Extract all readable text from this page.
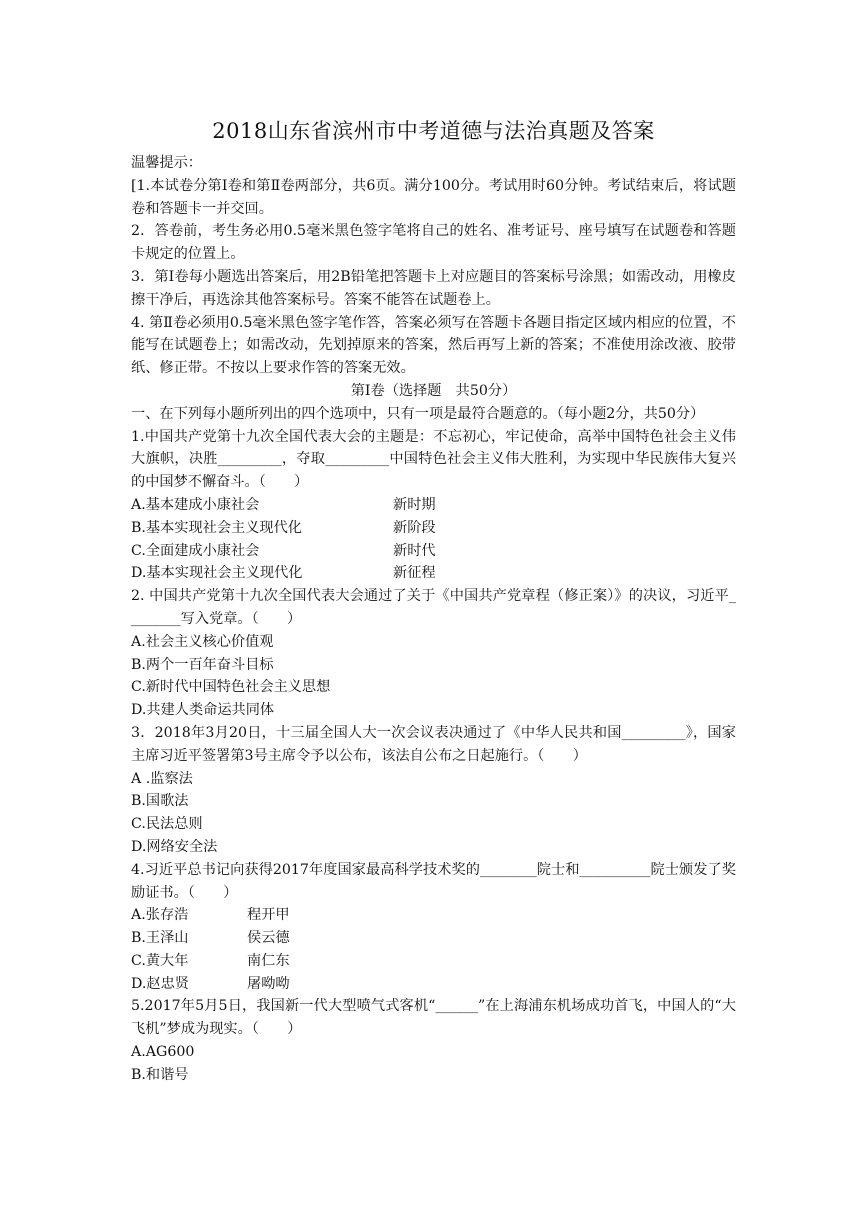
2018山东省滨州市中考道德与法治真题及答案

温馨提示：

[1.本试卷分第Ⅰ卷和第Ⅱ卷两部分，共6页。满分100分。考试用时60分钟。考试结束后，将试题卷和答题卡一并交回。

2．答卷前，考生务必用0.5毫米黑色签字笔将自己的姓名、准考证号、座号填写在试题卷和答题卡规定的位置上。

3．第Ⅰ卷每小题选出答案后，用2B铅笔把答题卡上对应题目的答案标号涂黑；如需改动，用橡皮擦干净后，再选涂其他答案标号。答案不能答在试题卷上。

4. 第Ⅱ卷必须用0.5毫米黑色签字笔作答，答案必须写在答题卡各题目指定区域内相应的位置，不能写在试题卷上；如需改动，先划掉原来的答案，然后再写上新的答案；不准使用涂改液、胶带纸、修正带。不按以上要求作答的答案无效。

第Ⅰ卷（选择题　共50分）

一、在下列每小题所列出的四个选项中，只有一项是最符合题意的。（每小题2分，共50分）

1.中国共产党第十九次全国代表大会的主题是：不忘初心，牢记使命，高举中国特色社会主义伟大旗帜，决胜_________，夺取_________中国特色社会主义伟大胜利，为实现中华民族伟大复兴的中国梦不懈奋斗。（　　）

A.基本建成小康社会	新时期
B.基本实现社会主义现代化	新阶段
C.全面建成小康社会	新时代
D.基本实现社会主义现代化	新征程

2. 中国共产党第十九次全国代表大会通过了关于《中国共产党章程（修正案）》的决议，习近平________写入党章。（　　）

A.社会主义核心价值观

B.两个一百年奋斗目标

C.新时代中国特色社会主义思想

D.共建人类命运共同体

3．2018年3月20日，十三届全国人大一次会议表决通过了《中华人民共和国_________》，国家主席习近平签署第3号主席令予以公布，该法自公布之日起施行。（　　）

A .监察法

B.国歌法

C.民法总则

D.网络安全法

4.习近平总书记向获得2017年度国家最高科学技术奖的________院士和__________院士颁发了奖励证书。（　　）

A.张存浩	程开甲
B.王泽山	侯云德
C.黄大年	南仁东
D.赵忠贤	屠呦呦

5.2017年5月5日，我国新一代大型喷气式客机“______”在上海浦东机场成功首飞，中国人的“大飞机”梦成为现实。（　　）

A.AG600

B.和谐号
